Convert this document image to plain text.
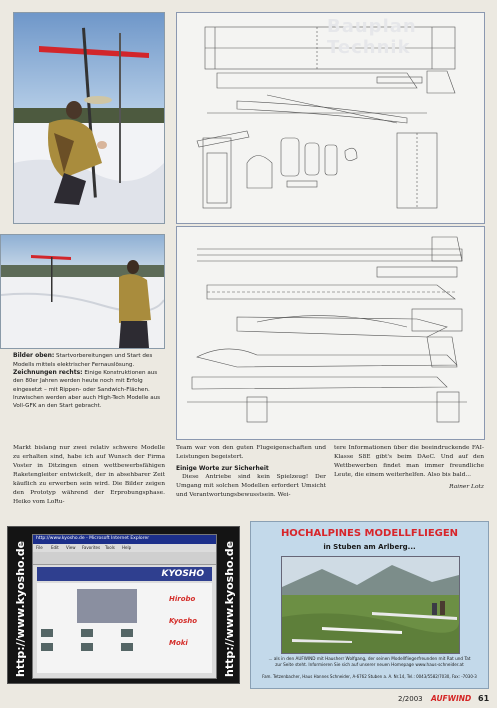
Bauplan Technik
Bilder oben: Startvorbereitungen und Start des Modells mittels elektrischer Fernauslösung.
Zeichnungen rechts: Einige Konstruktionen aus den 80er Jahren werden heute noch mit Erfolg eingesetzt – mit Rippen- oder Sandwich-Flächen. Inzwischen werden aber auch High-Tech Modelle aus Voll-GFK an den Start gebracht.

Markt bislang nur zwei relativ schwere Modelle zu erhalten sind, habe ich auf Wunsch der Firma Voster in Ditzingen einen wettbewerbsfähigen Raketengleiter entwickelt, der in absehbarer Zeit käuflich zu erwerben sein wird. Die Bilder zeigen den Prototyp während der Erprobungsphase. Heiko vom LoRu-

Team war von den guten Flugeigenschaften und Leistungen begeistert.

Einige Worte zur Sicherheit

Diese Antriebe sind kein Spielzeug! Der Umgang mit solchen Modellen erfordert Umsicht und Verantwortungsbewusstsein. Wei-

tere Informationen über die beeindruckende FAI-Klasse S8E gibt's beim DAeC. Und auf den Wettbewerben findet man immer freundliche Leute, die einem weiterhelfen. Also bis bald...

Rainer Lotz
http://www.kyosho.de	http://www.kyosho.de
http://www.kyosho.de - Microsoft Internet Explorer
File Edit View Favorites Tools Help
KYOSHO
Hirobo
Kyosho
Moki
HOCHALPINES MODELLFLIEGEN
in Stuben am Arlberg...
... als in den AUFWIND mit Hausherr Wolfgang, der seinen Modellfliegerfreunden mit Rat und Tat zur Seite steht. Informieren Sie sich auf unserer neuen Homepage www.haus-schneider.at
Fam. Tetzenbacher, Haus Hannes Schneider, A-6762 Stuben a. A. Nr.14, Tel.: 0043/5582/7030, Fax: -7030-3
2/2003 AUFWIND 61
